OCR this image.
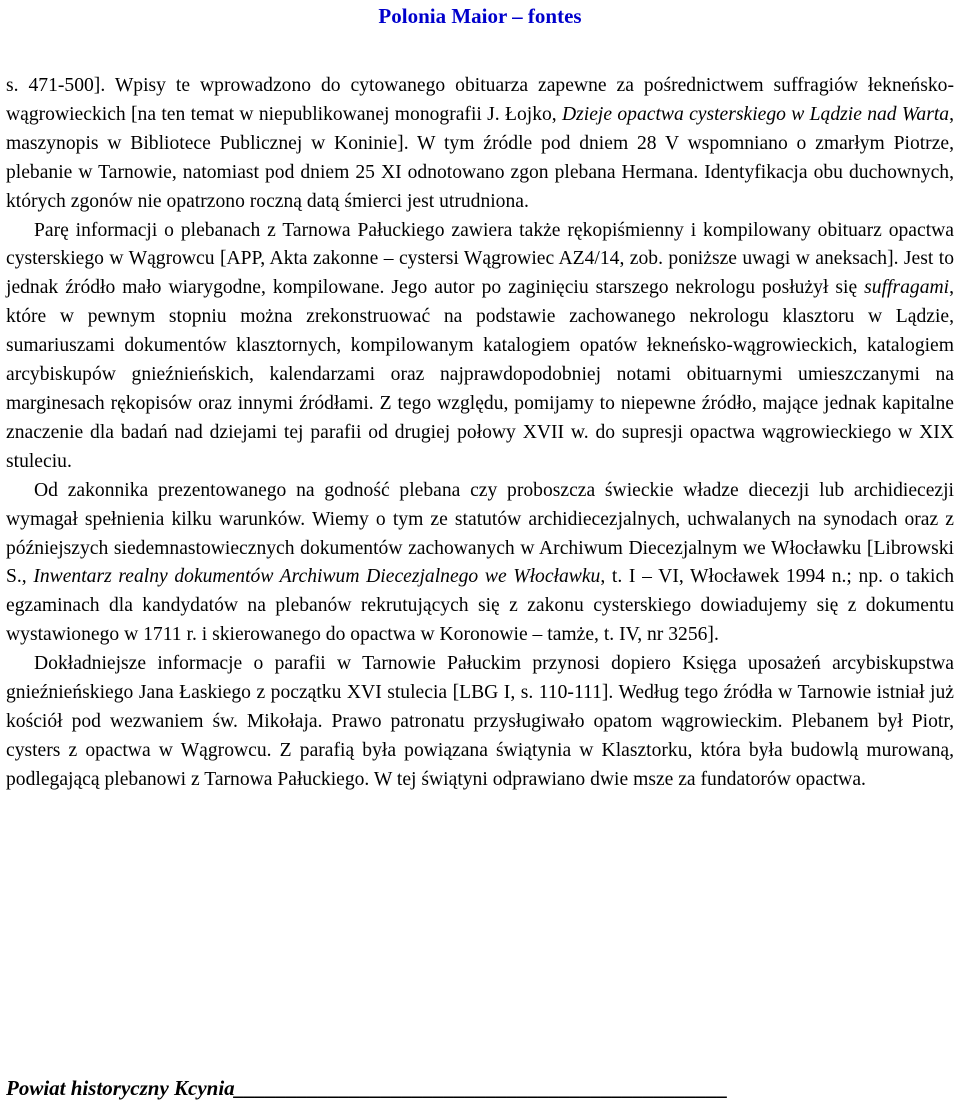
Polonia Maior – fontes

s. 471-500]. Wpisy te wprowadzono do cytowanego obituarza zapewne za pośrednictwem suffragiów łekneńsko-wągrowieckich [na ten temat w niepublikowanej monografii J. Łojko, Dzieje opactwa cysterskiego w Lądzie nad Warta, maszynopis w Bibliotece Publicznej w Koninie]. W tym źródle pod dniem 28 V wspomniano o zmarłym Piotrze, plebanie w Tarnowie, natomiast pod dniem 25 XI odnotowano zgon plebana Hermana. Identyfikacja obu duchownych, których zgonów nie opatrzono roczną datą śmierci jest utrudniona.

Parę informacji o plebanach z Tarnowa Pałuckiego zawiera także rękopiśmienny i kompilowany obituarz opactwa cysterskiego w Wągrowcu [APP, Akta zakonne – cystersi Wągrowiec AZ4/14, zob. poniższe uwagi w aneksach]. Jest to jednak źródło mało wiarygodne, kompilowane. Jego autor po zaginięciu starszego nekrologu posłużył się suffragami, które w pewnym stopniu można zrekonstruować na podstawie zachowanego nekrologu klasztoru w Lądzie, sumariuszami dokumentów klasztornych, kompilowanym katalogiem opatów łekneńsko-wągrowieckich, katalogiem arcybiskupów gnieźnieńskich, kalendarzami oraz najprawdopodobniej notami obituarnymi umieszczanymi na marginesach rękopisów oraz innymi źródłami. Z tego względu, pomijamy to niepewne źródło, mające jednak kapitalne znaczenie dla badań nad dziejami tej parafii od drugiej połowy XVII w. do supresji opactwa wągrowieckiego w XIX stuleciu.

Od zakonnika prezentowanego na godność plebana czy proboszcza świeckie władze diecezji lub archidiecezji wymagał spełnienia kilku warunków. Wiemy o tym ze statutów archidiecezjalnych, uchwalanych na synodach oraz z późniejszych siedemnastowiecznych dokumentów zachowanych w Archiwum Diecezjalnym we Włocławku [Librowski S., Inwentarz realny dokumentów Archiwum Diecezjalnego we Włocławku, t. I – VI, Włocławek 1994 n.; np. o takich egzaminach dla kandydatów na plebanów rekrutujących się z zakonu cysterskiego dowiadujemy się z dokumentu wystawionego w 1711 r. i skierowanego do opactwa w Koronowie – tamże, t. IV, nr 3256].

Dokładniejsze informacje o parafii w Tarnowie Pałuckim przynosi dopiero Księga uposażeń arcybiskupstwa gnieźnieńskiego Jana Łaskiego z początku XVI stulecia [LBG I, s. 110-111]. Według tego źródła w Tarnowie istniał już kościół pod wezwaniem św. Mikołaja. Prawo patronatu przysługiwało opatom wągrowieckim. Plebanem był Piotr, cysters z opactwa w Wągrowcu. Z parafią była powiązana świątynia w Klasztorku, która była budowlą murowaną, podlegającą plebanowi z Tarnowa Pałuckiego. W tej świątyni odprawiano dwie msze za fundatorów opactwa.

Powiat historyczny Kcynia_______________________________________________
